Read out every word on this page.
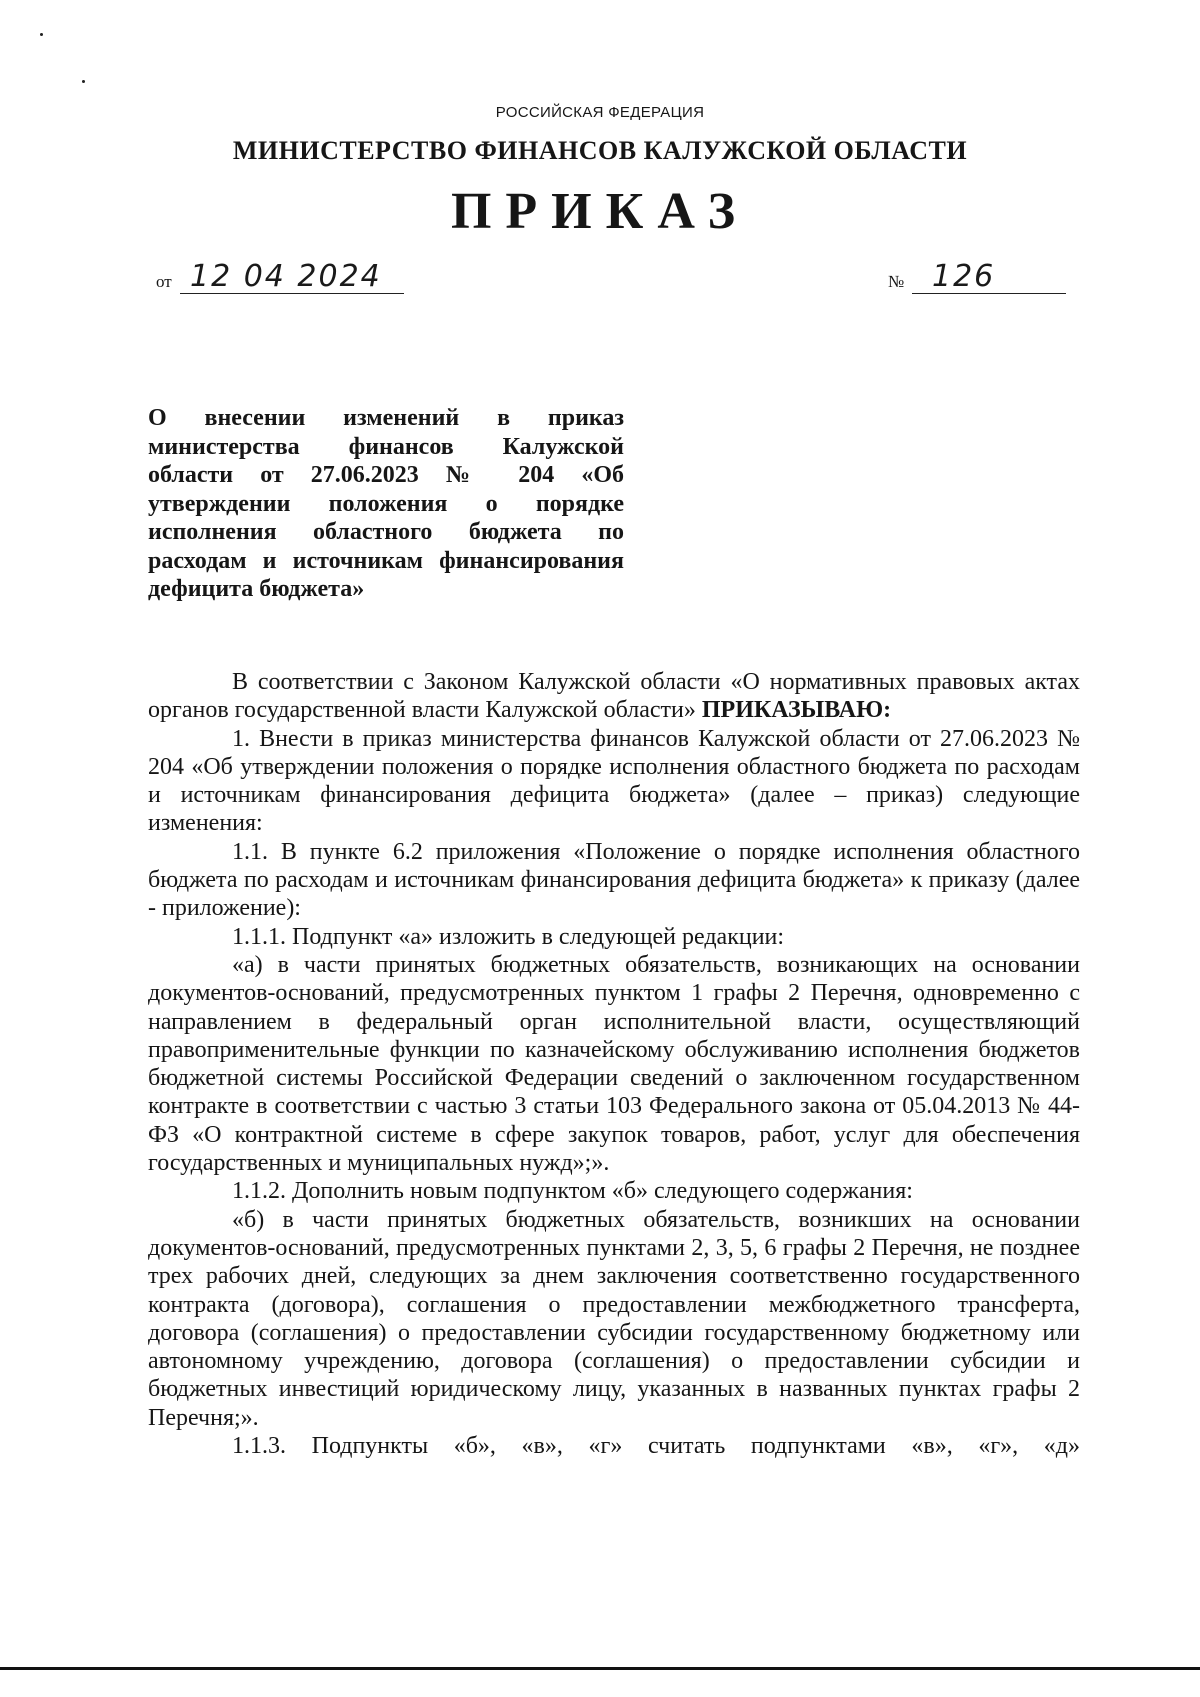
РОССИЙСКАЯ ФЕДЕРАЦИЯ
МИНИСТЕРСТВО ФИНАНСОВ КАЛУЖСКОЙ ОБЛАСТИ
ПРИКАЗ
от 12 04 2024	№ 126
О внесении изменений в приказ министерства финансов Калужской области от 27.06.2023 № 204 «Об утверждении положения о порядке исполнения областного бюджета по расходам и источникам финансирования дефицита бюджета»

В соответствии с Законом Калужской области «О нормативных правовых актах органов государственной власти Калужской области» ПРИКАЗЫВАЮ:

1. Внести в приказ министерства финансов Калужской области от 27.06.2023 № 204 «Об утверждении положения о порядке исполнения областного бюджета по расходам и источникам финансирования дефицита бюджета» (далее – приказ) следующие изменения:

1.1. В пункте 6.2 приложения «Положение о порядке исполнения областного бюджета по расходам и источникам финансирования дефицита бюджета» к приказу (далее - приложение):

1.1.1. Подпункт «а» изложить в следующей редакции:

«а) в части принятых бюджетных обязательств, возникающих на основании документов-оснований, предусмотренных пунктом 1 графы 2 Перечня, одновременно с направлением в федеральный орган исполнительной власти, осуществляющий правоприменительные функции по казначейскому обслуживанию исполнения бюджетов бюджетной системы Российской Федерации сведений о заключенном государственном контракте в соответствии с частью 3 статьи 103 Федерального закона от 05.04.2013 № 44-ФЗ «О контрактной системе в сфере закупок товаров, работ, услуг для обеспечения государственных и муниципальных нужд»;».

1.1.2. Дополнить новым подпунктом «б» следующего содержания:

«б) в части принятых бюджетных обязательств, возникших на основании документов-оснований, предусмотренных пунктами 2, 3, 5, 6 графы 2 Перечня, не позднее трех рабочих дней, следующих за днем заключения соответственно государственного контракта (договора), соглашения о предоставлении межбюджетного трансферта, договора (соглашения) о предоставлении субсидии государственному бюджетному или автономному учреждению, договора (соглашения) о предоставлении субсидии и бюджетных инвестиций юридическому лицу, указанных в названных пунктах графы 2 Перечня;».

1.1.3. Подпункты «б», «в», «г» считать подпунктами «в», «г», «д»
